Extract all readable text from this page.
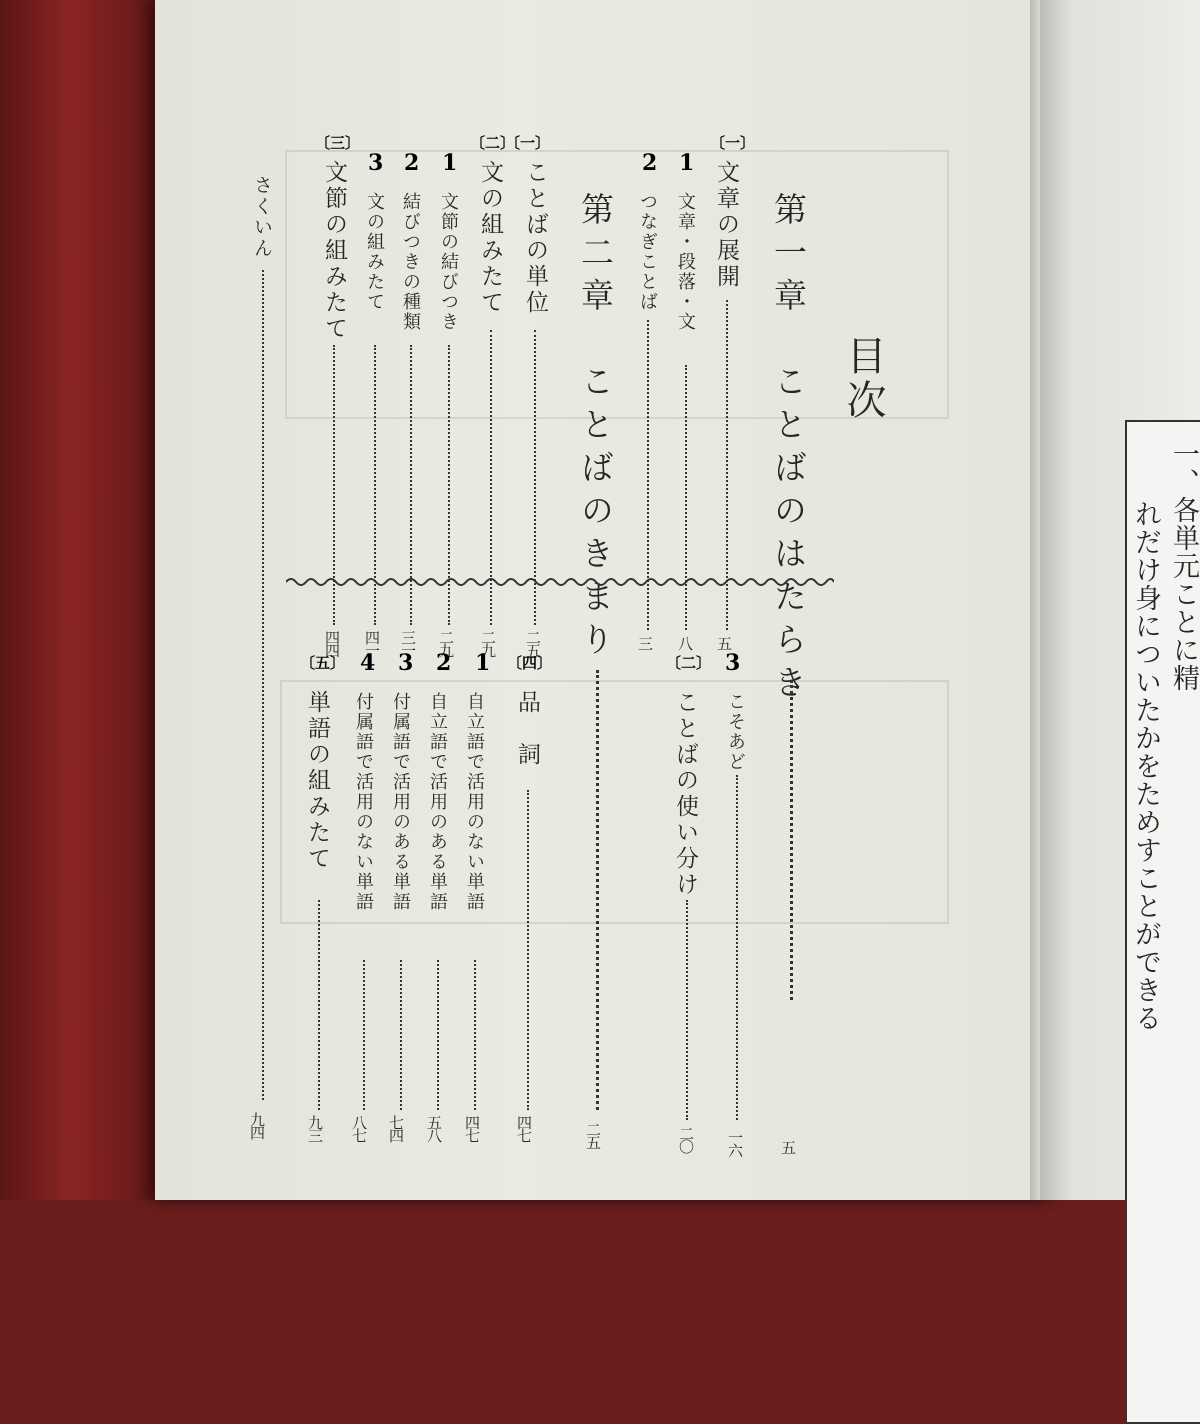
目次
第一章　ことばのはたらき
五
〔一〕
文章の展開
五
1
文章・段落・文
八
2
つなぎことば
三
3
こそあど
一六
〔二〕
ことばの使い分け
二〇
第二章　ことばのきまり
二五
〔一〕
ことばの単位
二五
〔二〕
文の組みたて
二九
1
文節の結びつき
二九
2
結びつきの種類
三一
3
文の組みたて
四一
〔三〕
文節の組みたて
四四
さくいん
九四
〔四〕
品　詞
四七
1
自立語で活用のない単語
四七
2
自立語で活用のある単語
五八
3
付属語で活用のある単語
七四
4
付属語で活用のない単語
八七
〔五〕
単語の組みたて
九三
一、各単元ことに精
れだけ身についたかをためすことができる
